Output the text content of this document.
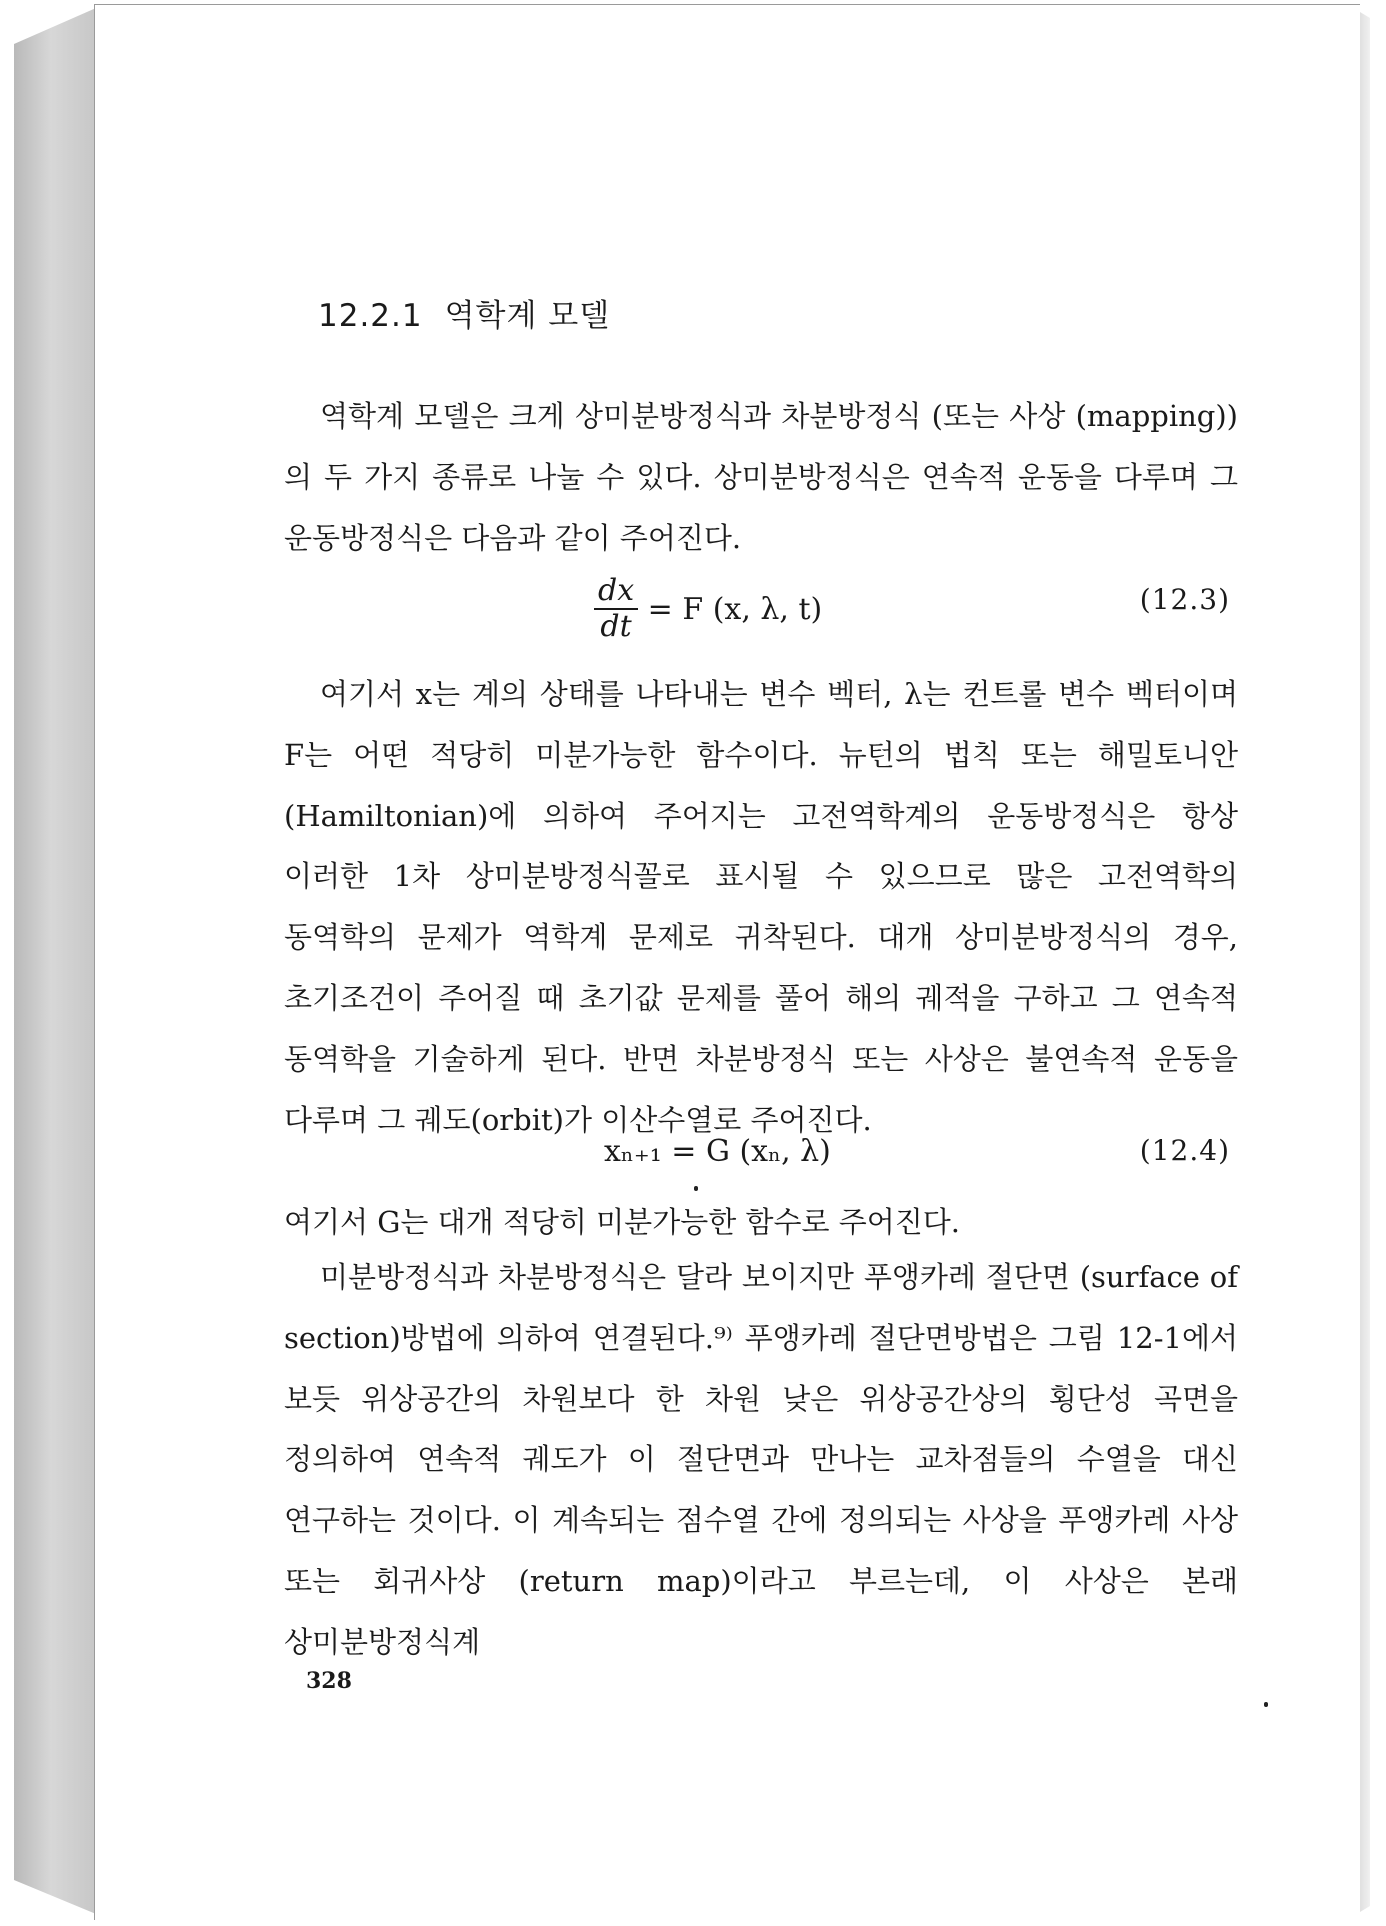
12.2.1 역학계 모델

역학계 모델은 크게 상미분방정식과 차분방정식 (또는 사상 (mapping))의 두 가지 종류로 나눌 수 있다. 상미분방정식은 연속적 운동을 다루며 그 운동방정식은 다음과 같이 주어진다.

$\frac{dx}{dt} = F$ (x, λ, t)	(12.3)

여기서 x는 계의 상태를 나타내는 변수 벡터, λ는 컨트롤 변수 벡터이며 F는 어떤 적당히 미분가능한 함수이다. 뉴턴의 법칙 또는 해밀토니안(Hamiltonian)에 의하여 주어지는 고전역학계의 운동방정식은 항상 이러한 1차 상미분방정식꼴로 표시될 수 있으므로 많은 고전역학의 동역학의 문제가 역학계 문제로 귀착된다. 대개 상미분방정식의 경우, 초기조건이 주어질 때 초기값 문제를 풀어 해의 궤적을 구하고 그 연속적 동역학을 기술하게 된다. 반면 차분방정식 또는 사상은 불연속적 운동을 다루며 그 궤도(orbit)가 이산수열로 주어진다.

xₙ₊₁ = G (xₙ, λ)	(12.4)

여기서 G는 대개 적당히 미분가능한 함수로 주어진다.

미분방정식과 차분방정식은 달라 보이지만 푸앵카레 절단면 (surface of section)방법에 의하여 연결된다.⁹⁾ 푸앵카레 절단면방법은 그림 12-1에서 보듯 위상공간의 차원보다 한 차원 낮은 위상공간상의 횡단성 곡면을 정의하여 연속적 궤도가 이 절단면과 만나는 교차점들의 수열을 대신 연구하는 것이다. 이 계속되는 점수열 간에 정의되는 사상을 푸앵카레 사상 또는 회귀사상 (return map)이라고 부르는데, 이 사상은 본래 상미분방정식계

328
